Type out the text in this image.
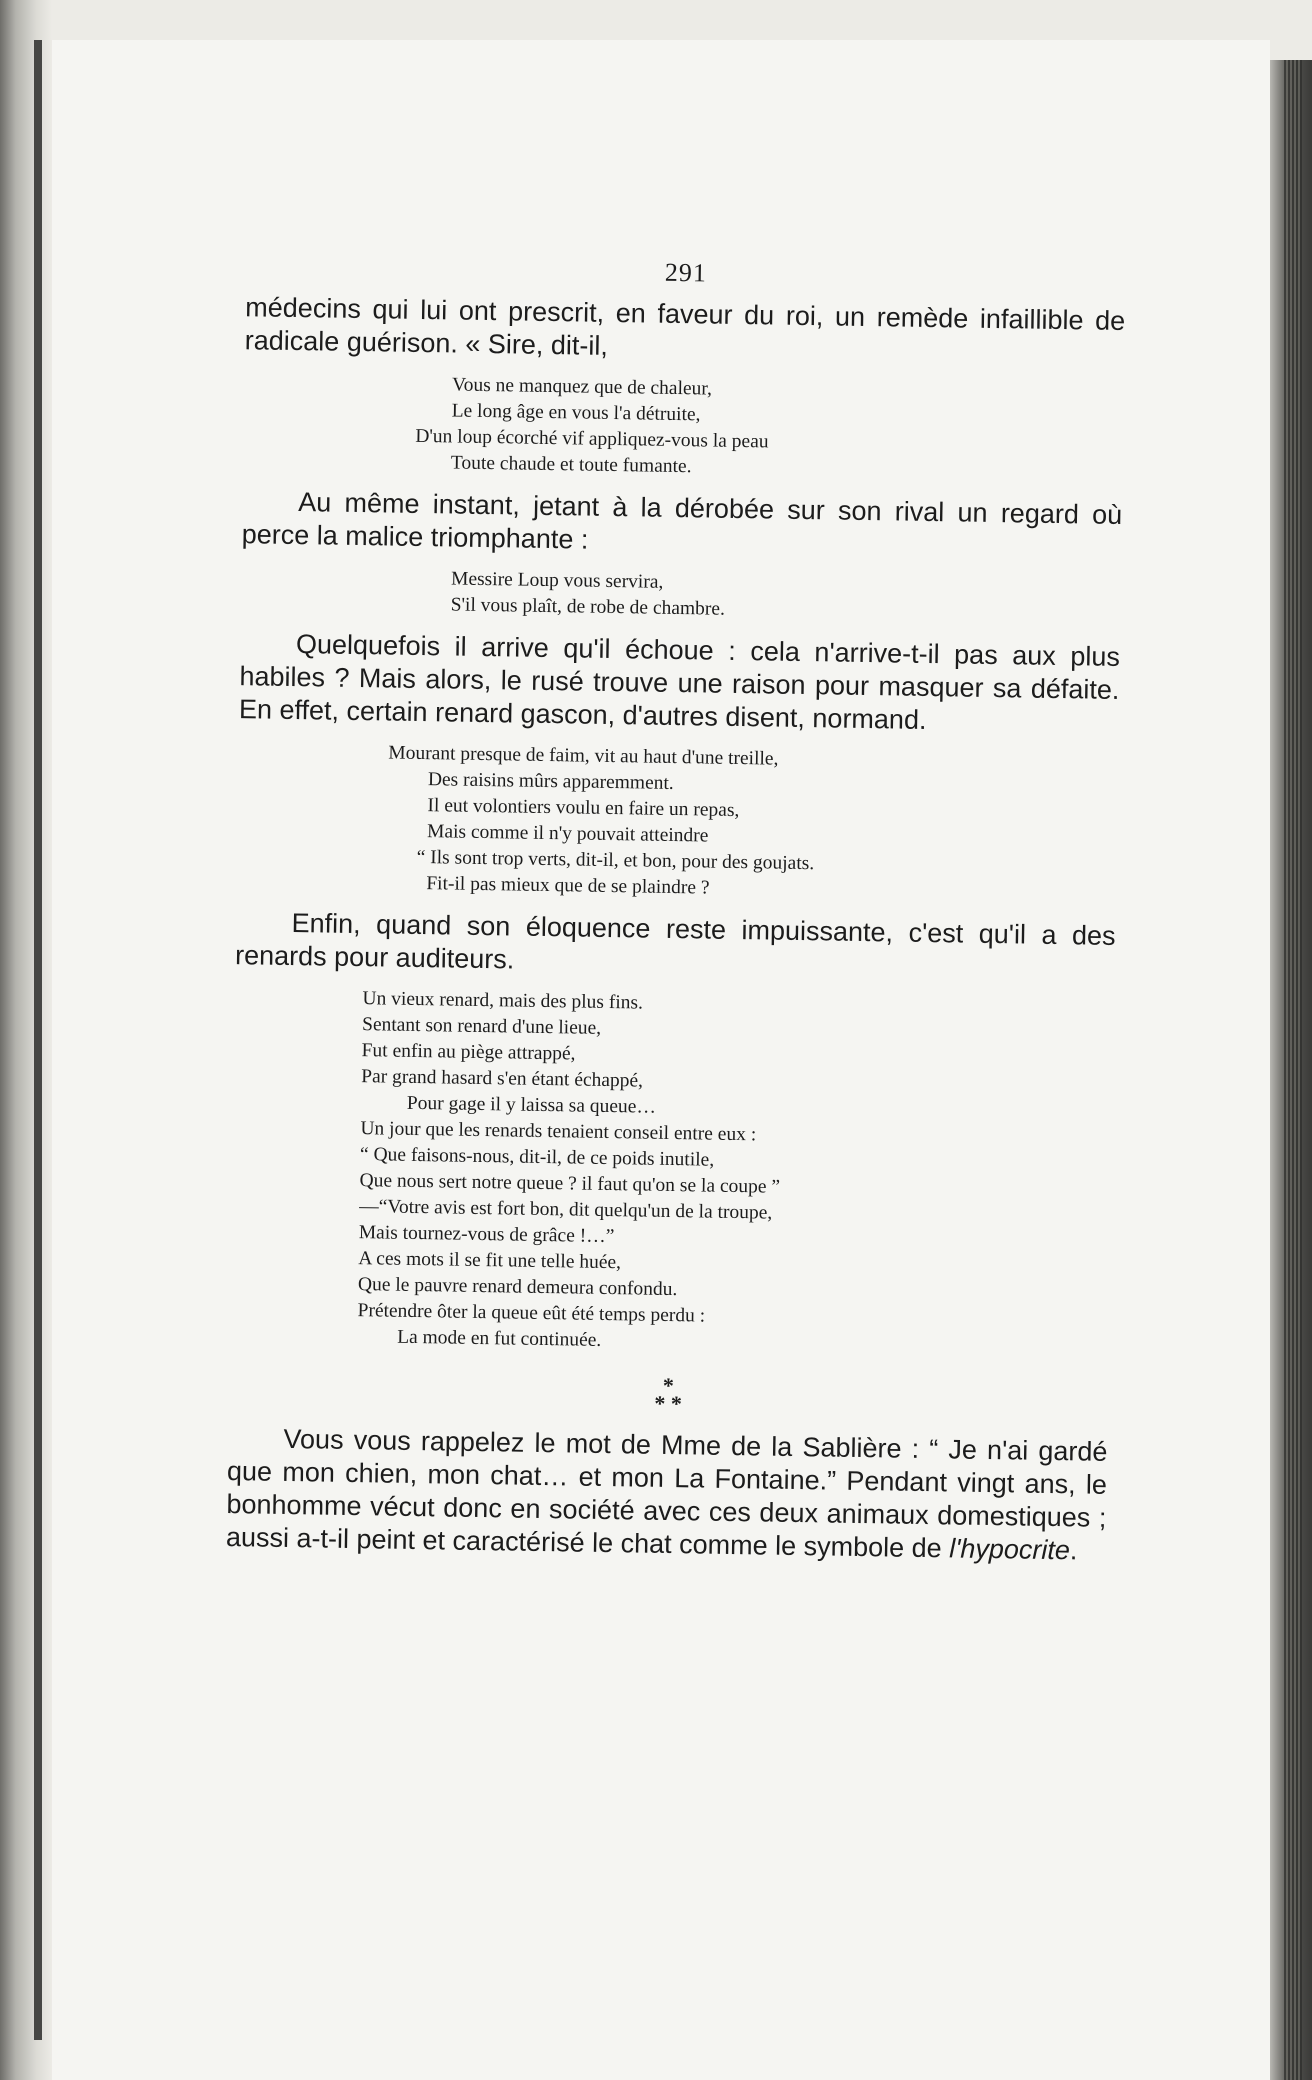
291

médecins qui lui ont prescrit, en faveur du roi, un remède infaillible de radicale guérison. « Sire, dit-il,

Vous ne manquez que de chaleur,
Le long âge en vous l'a détruite,
D'un loup écorché vif appliquez-vous la peau
Toute chaude et toute fumante.

Au même instant, jetant à la dérobée sur son rival un regard où perce la malice triomphante :

Messire Loup vous servira,
S'il vous plaît, de robe de chambre.

Quelquefois il arrive qu'il échoue : cela n'arrive-t-il pas aux plus habiles ? Mais alors, le rusé trouve une raison pour masquer sa défaite. En effet, certain renard gascon, d'autres disent, normand.

Mourant presque de faim, vit au haut d'une treille,
Des raisins mûrs apparemment.
Il eut volontiers voulu en faire un repas,
Mais comme il n'y pouvait atteindre
“ Ils sont trop verts, dit-il, et bon, pour des goujats.
Fit-il pas mieux que de se plaindre ?

Enfin, quand son éloquence reste impuissante, c'est qu'il a des renards pour auditeurs.

Un vieux renard, mais des plus fins.
Sentant son renard d'une lieue,
Fut enfin au piège attrappé,
Par grand hasard s'en étant échappé,
Pour gage il y laissa sa queue…
Un jour que les renards tenaient conseil entre eux :
“ Que faisons-nous, dit-il, de ce poids inutile,
Que nous sert notre queue ? il faut qu'on se la coupe ”
—“Votre avis est fort bon, dit quelqu'un de la troupe,
Mais tournez-vous de grâce !…”
A ces mots il se fit une telle huée,
Que le pauvre renard demeura confondu.
Prétendre ôter la queue eût été temps perdu :
La mode en fut continuée.
*
* *

Vous vous rappelez le mot de Mme de la Sablière : “ Je n'ai gardé que mon chien, mon chat… et mon La Fontaine.” Pendant vingt ans, le bonhomme vécut donc en société avec ces deux animaux domestiques ; aussi a-t-il peint et caractérisé le chat comme le symbole de l'hypocrite.
